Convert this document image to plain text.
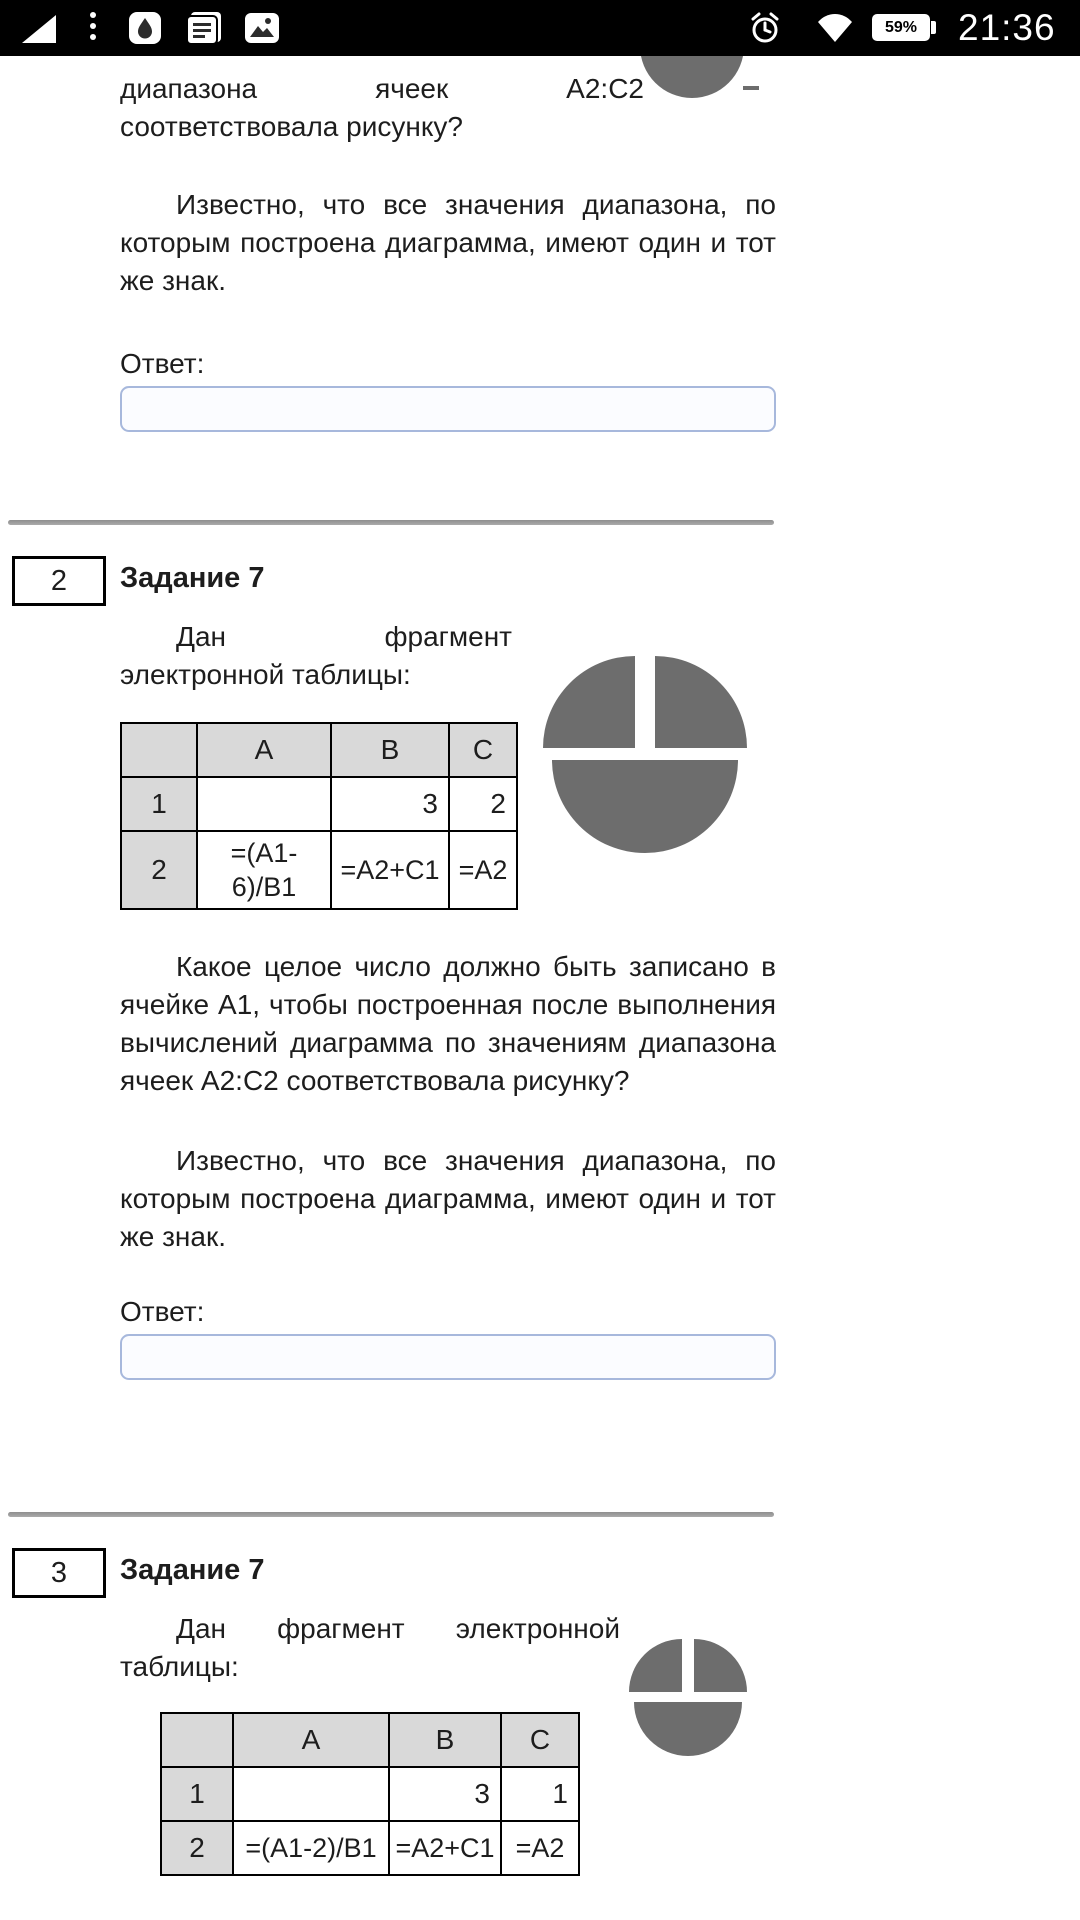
59% 21:36
диапазона ячеек А2:С2
соответствовала рисунку?
Известно, что все значения диапазона, по
которым построена диаграмма, имеют один и тот
же знак.
Ответ:
2 Задание 7
Дан фрагмент
электронной таблицы:
	A	B	C
1		3	2
2	=(A1-6)/B1	=A2+C1	=A2
Какое целое число должно быть записано в
ячейке А1, чтобы построенная после выполнения
вычислений диаграмма по значениям диапазона
ячеек А2:С2 соответствовала рисунку?
Известно, что все значения диапазона, по
которым построена диаграмма, имеют один и тот
же знак.
Ответ:
3 Задание 7
Дан фрагмент электронной
таблицы:
	A	B	C
1		3	1
2	=(A1-2)/B1	=A2+C1	=A2
